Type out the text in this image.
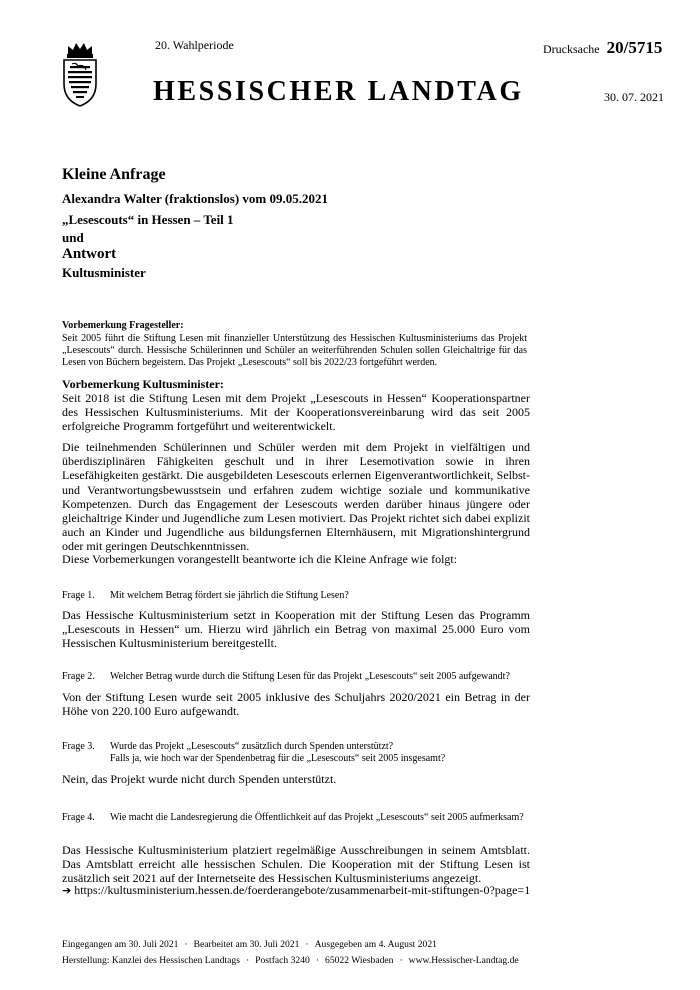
20. Wahlperiode	Drucksache 20/5715
HESSISCHER LANDTAG	30. 07. 2021
Kleine Anfrage
Alexandra Walter (fraktionslos) vom 09.05.2021
„Lesescouts“ in Hessen – Teil 1
und
Antwort
Kultusminister
Vorbemerkung Fragesteller:
Seit 2005 führt die Stiftung Lesen mit finanzieller Unterstützung des Hessischen Kultusministeriums das Projekt „Lesescouts“ durch. Hessische Schülerinnen und Schüler an weiterführenden Schulen sollen Gleichaltrige für das Lesen von Büchern begeistern. Das Projekt „Lesescouts“ soll bis 2022/23 fortgeführt werden.
Vorbemerkung Kultusminister:
Seit 2018 ist die Stiftung Lesen mit dem Projekt „Lesescouts in Hessen“ Kooperationspartner des Hessischen Kultusministeriums. Mit der Kooperationsvereinbarung wird das seit 2005 erfolgreiche Programm fortgeführt und weiterentwickelt.
Die teilnehmenden Schülerinnen und Schüler werden mit dem Projekt in vielfältigen und überdisziplinären Fähigkeiten geschult und in ihrer Lesemotivation sowie in ihren Lesefähigkeiten gestärkt. Die ausgebildeten Lesescouts erlernen Eigenverantwortlichkeit, Selbst- und Verantwortungsbewusstsein und erfahren zudem wichtige soziale und kommunikative Kompetenzen. Durch das Engagement der Lesescouts werden darüber hinaus jüngere oder gleichaltrige Kinder und Jugendliche zum Lesen motiviert. Das Projekt richtet sich dabei explizit auch an Kinder und Jugendliche aus bildungsfernen Elternhäusern, mit Migrationshintergrund oder mit geringen Deutschkenntnissen.
Diese Vorbemerkungen vorangestellt beantworte ich die Kleine Anfrage wie folgt:
Frage 1. Mit welchem Betrag fördert sie jährlich die Stiftung Lesen?
Das Hessische Kultusministerium setzt in Kooperation mit der Stiftung Lesen das Programm „Lesescouts in Hessen“ um. Hierzu wird jährlich ein Betrag von maximal 25.000 Euro vom Hessischen Kultusministerium bereitgestellt.
Frage 2. Welcher Betrag wurde durch die Stiftung Lesen für das Projekt „Lesescouts“ seit 2005 aufgewandt?
Von der Stiftung Lesen wurde seit 2005 inklusive des Schuljahrs 2020/2021 ein Betrag in der Höhe von 220.100 Euro aufgewandt.
Frage 3. Wurde das Projekt „Lesescouts“ zusätzlich durch Spenden unterstützt?
Falls ja, wie hoch war der Spendenbetrag für die „Lesescouts“ seit 2005 insgesamt?
Nein, das Projekt wurde nicht durch Spenden unterstützt.
Frage 4. Wie macht die Landesregierung die Öffentlichkeit auf das Projekt „Lesescouts“ seit 2005 aufmerksam?
Das Hessische Kultusministerium platziert regelmäßige Ausschreibungen in seinem Amtsblatt. Das Amtsblatt erreicht alle hessischen Schulen. Die Kooperation mit der Stiftung Lesen ist zusätzlich seit 2021 auf der Internetseite des Hessischen Kultusministeriums angezeigt.
➔ https://kultusministerium.hessen.de/foerderangebote/zusammenarbeit-mit-stiftungen-0?page=1
Eingegangen am 30. Juli 2021 · Bearbeitet am 30. Juli 2021 · Ausgegeben am 4. August 2021
Herstellung: Kanzlei des Hessischen Landtags · Postfach 3240 · 65022 Wiesbaden · www.Hessischer-Landtag.de
